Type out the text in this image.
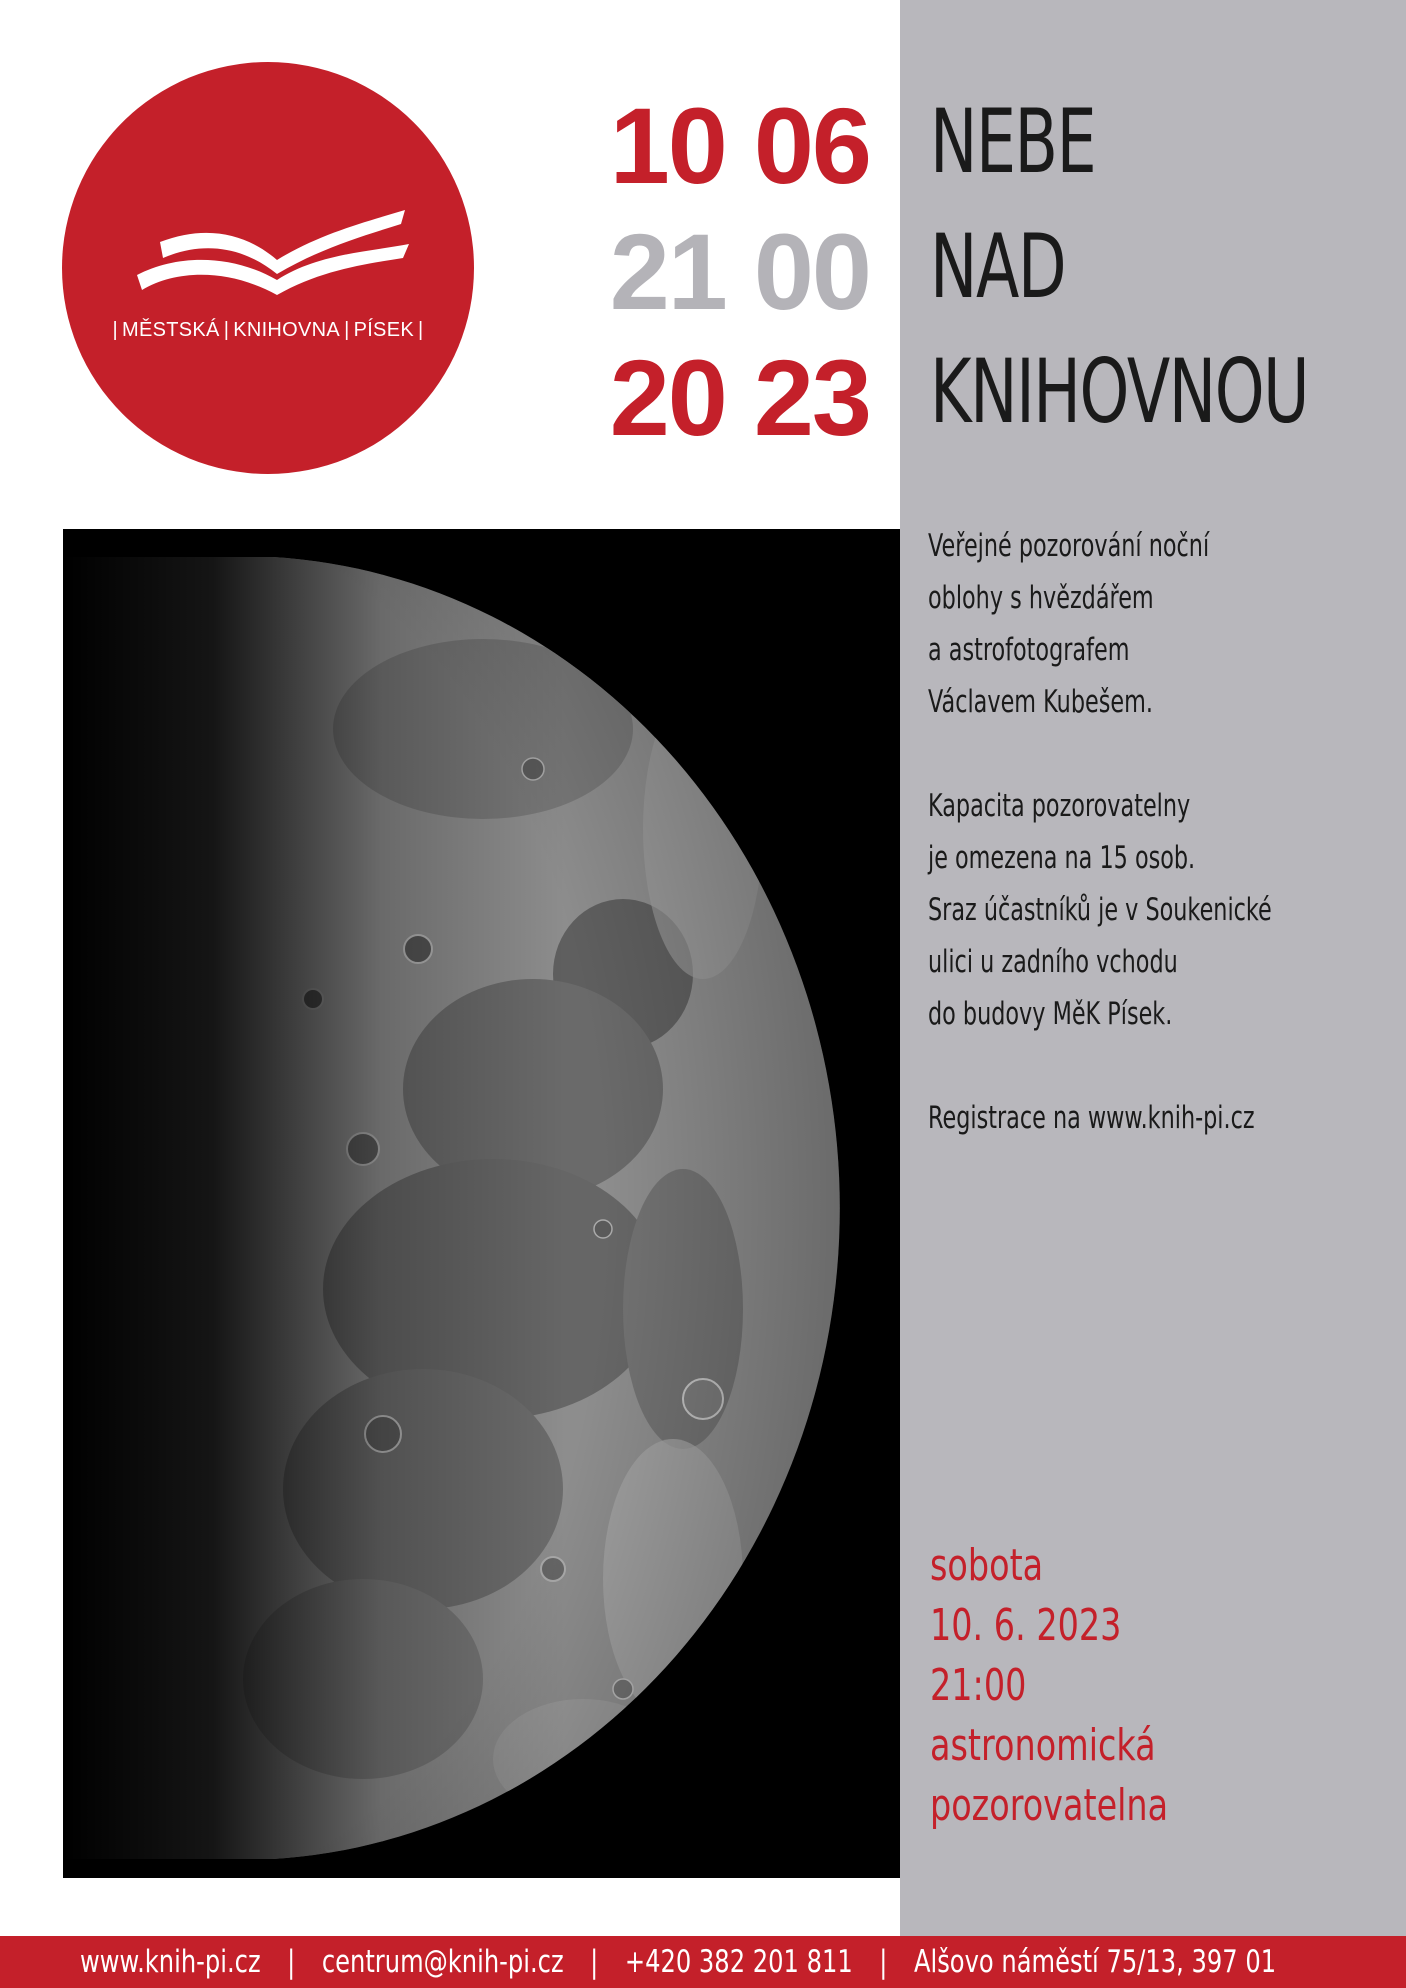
| MĚSTSKÁ | KNIHOVNA | PÍSEK |
10 06
21 00
20 23
NEBE
NAD
KNIHOVNOU

Veřejné pozorování noční

oblohy s hvězdářem

a astrofotografem

Václavem Kubešem.

Kapacita pozorovatelny

je omezena na 15 osob.

Sraz účastníků je v Soukenické

ulici u zadního vchodu

do budovy MěK Písek.

Registrace na www.knih-pi.cz

sobota

10. 6. 2023

21:00

astronomická

pozorovatelna

www.knih-pi.cz | centrum@knih-pi.cz | +420 382 201 811 | Alšovo náměstí 75/13, 397 01
